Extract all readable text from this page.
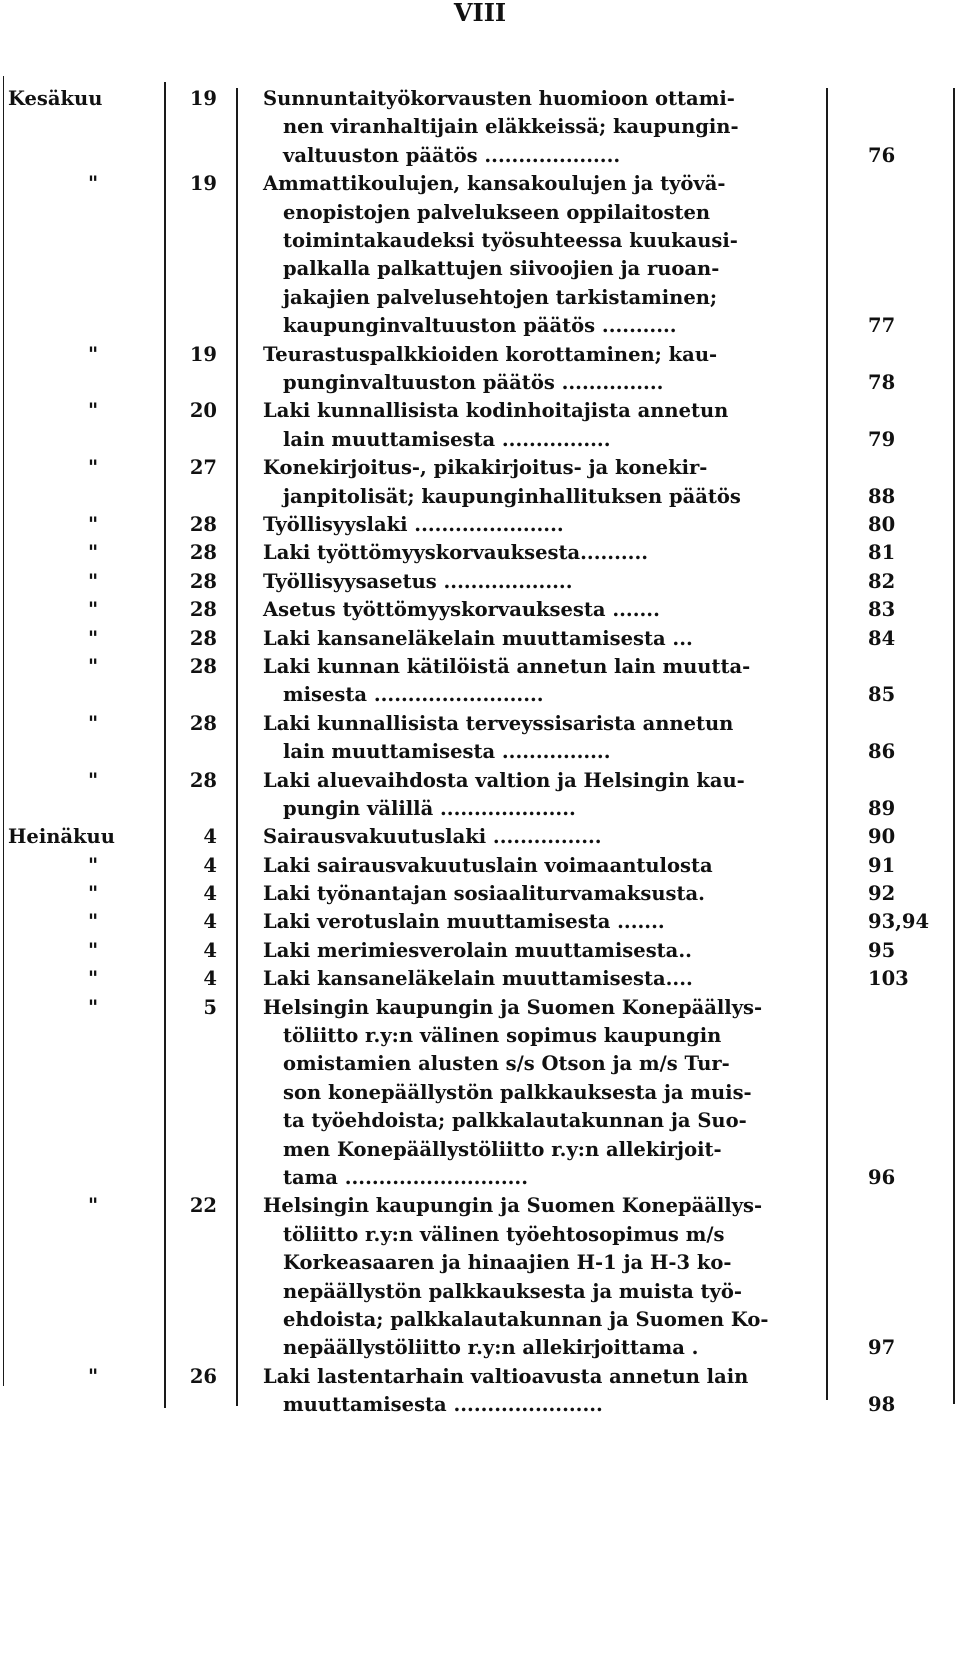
VIII
Kesäkuu	19 Sunnuntaityökorvausten huomioon ottami-
nen viranhaltijain eläkkeissä; kaupungin-
valtuuston päätös ....................	76
"	19 Ammattikoulujen, kansakoulujen ja työvä-
enopistojen palvelukseen oppilaitosten
toimintakaudeksi työsuhteessa kuukausi-
palkalla palkattujen siivoojien ja ruoan-
jakajien palvelusehtojen tarkistaminen;
kaupunginvaltuuston päätös ...........	77
"	19 Teurastuspalkkioiden korottaminen; kau-
punginvaltuuston päätös ...............	78
"	20 Laki kunnallisista kodinhoitajista annetun
lain muuttamisesta ................	79
"	27 Konekirjoitus-, pikakirjoitus- ja konekir-
janpitolisät; kaupunginhallituksen päätös	88
"	28 Työllisyyslaki ......................	80
"	28 Laki työttömyyskorvauksesta..........	81
"	28 Työllisyysasetus ...................	82
"	28 Asetus työttömyyskorvauksesta .......	83
"	28 Laki kansaneläkelain muuttamisesta ...	84
"	28 Laki kunnan kätilöistä annetun lain muutta-
misesta .........................	85
"	28 Laki kunnallisista terveyssisarista annetun
lain muuttamisesta ................	86
"	28 Laki aluevaihdosta valtion ja Helsingin kau-
pungin välillä ....................	89
Heinäkuu	4 Sairausvakuutuslaki ................	90
"	4 Laki sairausvakuutuslain voimaantulosta	91
"	4 Laki työnantajan sosiaaliturvamaksusta.	92
"	4 Laki verotuslain muuttamisesta .......	93,94
"	4 Laki merimiesverolain muuttamisesta..	95
"	4 Laki kansaneläkelain muuttamisesta....	103
"	5 Helsingin kaupungin ja Suomen Konepäällys-
töliitto r.y:n välinen sopimus kaupungin
omistamien alusten s/s Otson ja m/s Tur-
son konepäällystön palkkauksesta ja muis-
ta työehdoista; palkkalautakunnan ja Suo-
men Konepäällystöliitto r.y:n allekirjoit-
tama ...........................	96
"	22 Helsingin kaupungin ja Suomen Konepäällys-
töliitto r.y:n välinen työehtosopimus m/s
Korkeasaaren ja hinaajien H-1 ja H-3 ko-
nepäällystön palkkauksesta ja muista työ-
ehdoista; palkkalautakunnan ja Suomen Ko-
nepäällystöliitto r.y:n allekirjoittama .	97
"	26 Laki lastentarhain valtioavusta annetun lain
muuttamisesta ......................	98
